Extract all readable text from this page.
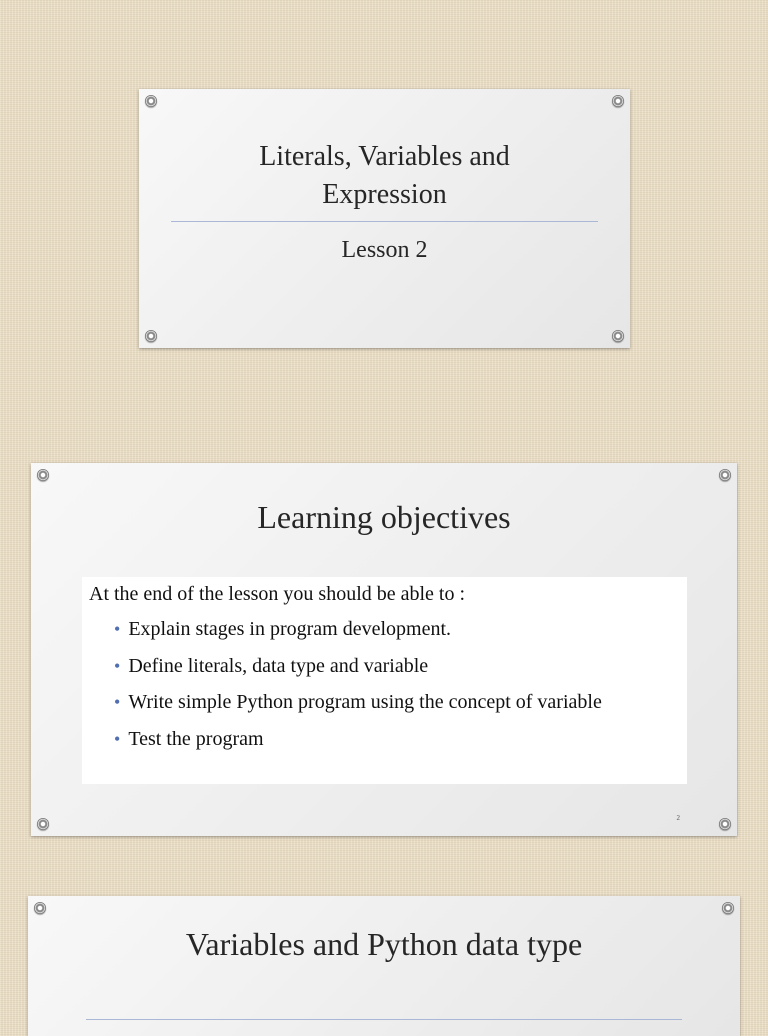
Literals, Variables and
Expression
Lesson 2
Learning objectives
At the end of the lesson you should be able to :
• Explain stages in program development.
• Define literals, data type and variable
• Write simple Python program using the concept of variable
• Test the program
2
Variables and Python data type
